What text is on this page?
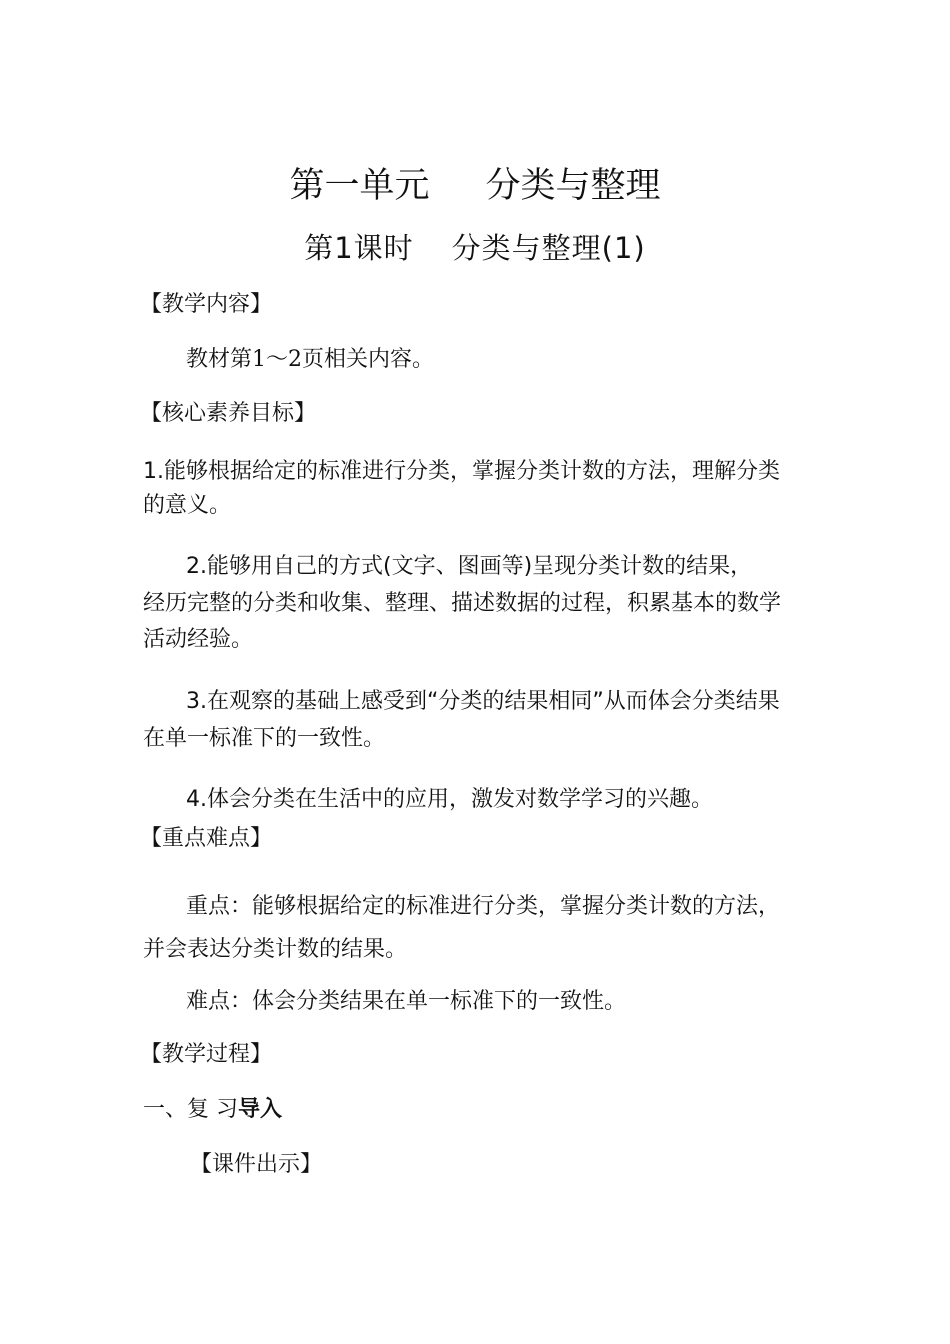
第一单元 分类与整理
第1课时 分类与整理(1)
【教学内容】
教材第1～2页相关内容。
【核心素养目标】
1.能够根据给定的标准进行分类，掌握分类计数的方法，理解分类
的意义。
2.能够用自己的方式(文字、图画等)呈现分类计数的结果，
经历完整的分类和收集、整理、描述数据的过程，积累基本的数学
活动经验。
3.在观察的基础上感受到“分类的结果相同”从而体会分类结果
在单一标准下的一致性。
4.体会分类在生活中的应用，激发对数学学习的兴趣。
【重点难点】
重点：能够根据给定的标准进行分类，掌握分类计数的方法，
并会表达分类计数的结果。
难点：体会分类结果在单一标准下的一致性。
【教学过程】
一、复 习导入
【课件出示】
